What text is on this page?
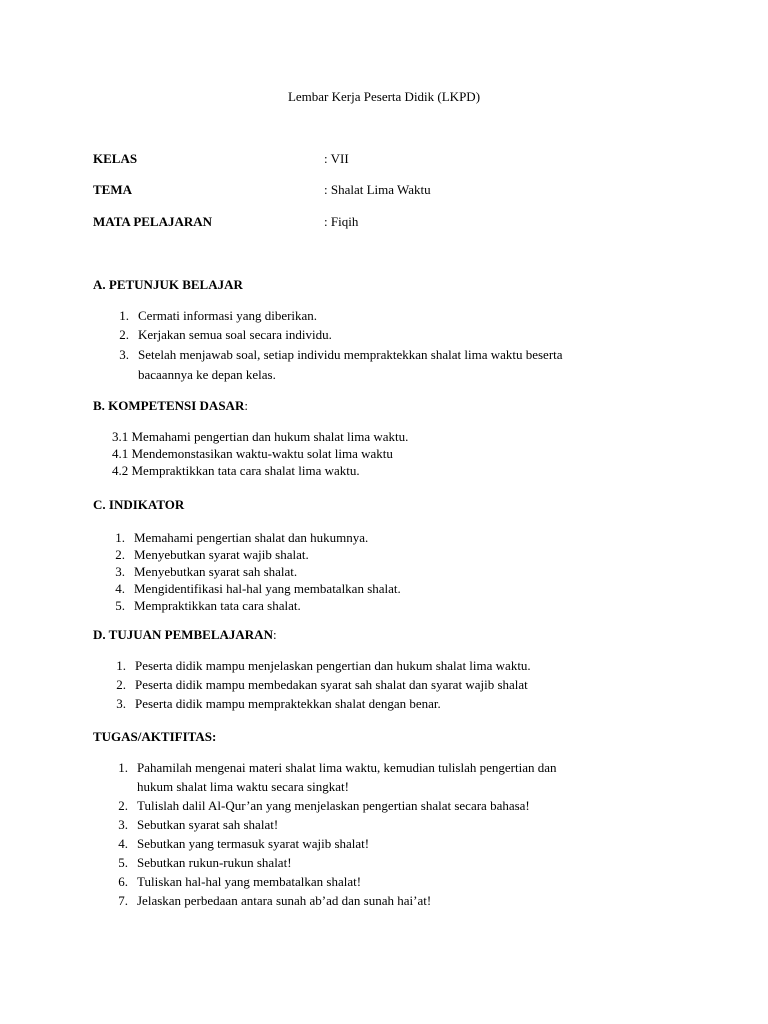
Lembar Kerja Peserta Didik (LKPD)
KELAS	: VII
TEMA	: Shalat Lima Waktu
MATA PELAJARAN	: Fiqih
A. PETUNJUK BELAJAR
1. Cermati informasi yang diberikan.
2. Kerjakan semua soal secara individu.
3. Setelah menjawab soal, setiap individu mempraktekkan shalat lima waktu beserta
bacaannya ke depan kelas.
B. KOMPETENSI DASAR:
3.1 Memahami pengertian dan hukum shalat lima waktu.
4.1 Mendemonstasikan waktu-waktu solat lima waktu
4.2 Mempraktikkan tata cara shalat lima waktu.
C. INDIKATOR
1. Memahami pengertian shalat dan hukumnya.
2. Menyebutkan syarat wajib shalat.
3. Menyebutkan syarat sah shalat.
4. Mengidentifikasi hal-hal yang membatalkan shalat.
5. Mempraktikkan tata cara shalat.
D. TUJUAN PEMBELAJARAN:
1. Peserta didik mampu menjelaskan pengertian dan hukum shalat lima waktu.
2. Peserta didik mampu membedakan syarat sah shalat dan syarat wajib shalat
3. Peserta didik mampu mempraktekkan shalat dengan benar.
TUGAS/AKTIFITAS:
1. Pahamilah mengenai materi shalat lima waktu, kemudian tulislah pengertian dan
hukum shalat lima waktu secara singkat!
2. Tulislah dalil Al-Qur’an yang menjelaskan pengertian shalat secara bahasa!
3. Sebutkan syarat sah shalat!
4. Sebutkan yang termasuk syarat wajib shalat!
5. Sebutkan rukun-rukun shalat!
6. Tuliskan hal-hal yang membatalkan shalat!
7. Jelaskan perbedaan antara sunah ab’ad dan sunah hai’at!
